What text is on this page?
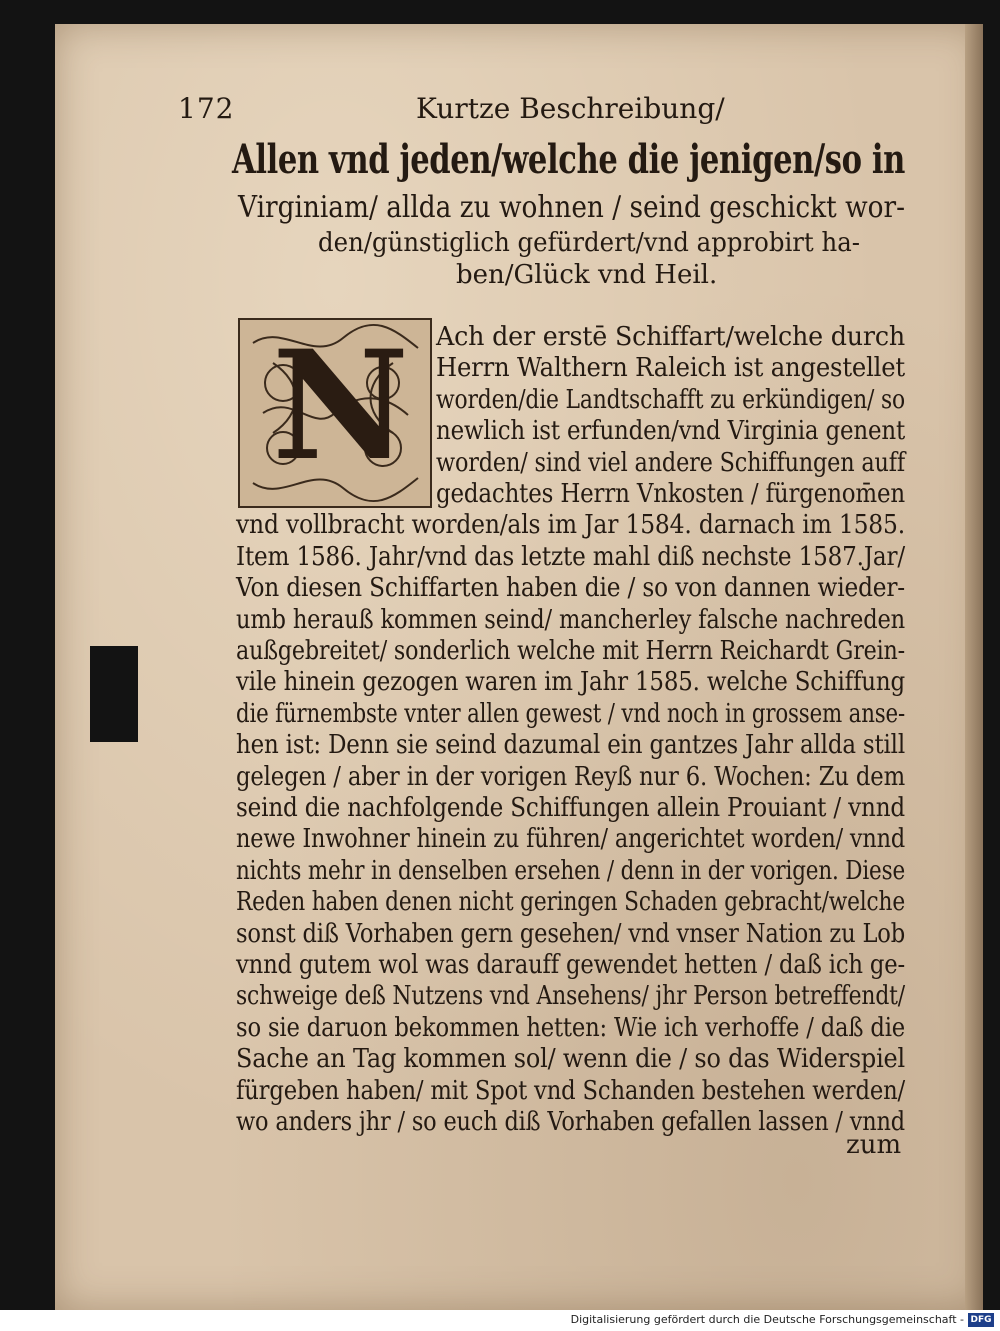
172	Kurtze Beschreibung/
Allen vnd jeden/welche die jenigen/so in
Virginiam/ allda zu wohnen / seind geschickt wor-
den/günstiglich gefürdert/vnd approbirt ha-
ben/Glück vnd Heil.
N Ach der erstē Schiffart/welche durch
Herrn Walthern Raleich ist angestellet
worden/die Landtschafft zu erkündigen/ so
newlich ist erfunden/vnd Virginia genent
worden/ sind viel andere Schiffungen auff
gedachtes Herrn Vnkosten / fürgenom̄en
vnd vollbracht worden/als im Jar 1584. darnach im 1585.
Item 1586. Jahr/vnd das letzte mahl diß nechste 1587.Jar/
Von diesen Schiffarten haben die / so von dannen wieder-
umb herauß kommen seind/ mancherley falsche nachreden
außgebreitet/ sonderlich welche mit Herrn Reichardt Grein-
vile hinein gezogen waren im Jahr 1585. welche Schiffung
die fürnembste vnter allen gewest / vnd noch in grossem anse-
hen ist: Denn sie seind dazumal ein gantzes Jahr allda still
gelegen / aber in der vorigen Reyß nur 6. Wochen: Zu dem
seind die nachfolgende Schiffungen allein Prouiant / vnnd
newe Inwohner hinein zu führen/ angerichtet worden/ vnnd
nichts mehr in denselben ersehen / denn in der vorigen. Diese
Reden haben denen nicht geringen Schaden gebracht/welche
sonst diß Vorhaben gern gesehen/ vnd vnser Nation zu Lob
vnnd gutem wol was darauff gewendet hetten / daß ich ge-
schweige deß Nutzens vnd Ansehens/ jhr Person betreffendt/
so sie daruon bekommen hetten: Wie ich verhoffe / daß die
Sache an Tag kommen sol/ wenn die / so das Widerspiel
fürgeben haben/ mit Spot vnd Schanden bestehen werden/
wo anders jhr / so euch diß Vorhaben gefallen lassen / vnnd
zum
Digitalisierung gefördert durch die Deutsche Forschungsgemeinschaft - DFG
